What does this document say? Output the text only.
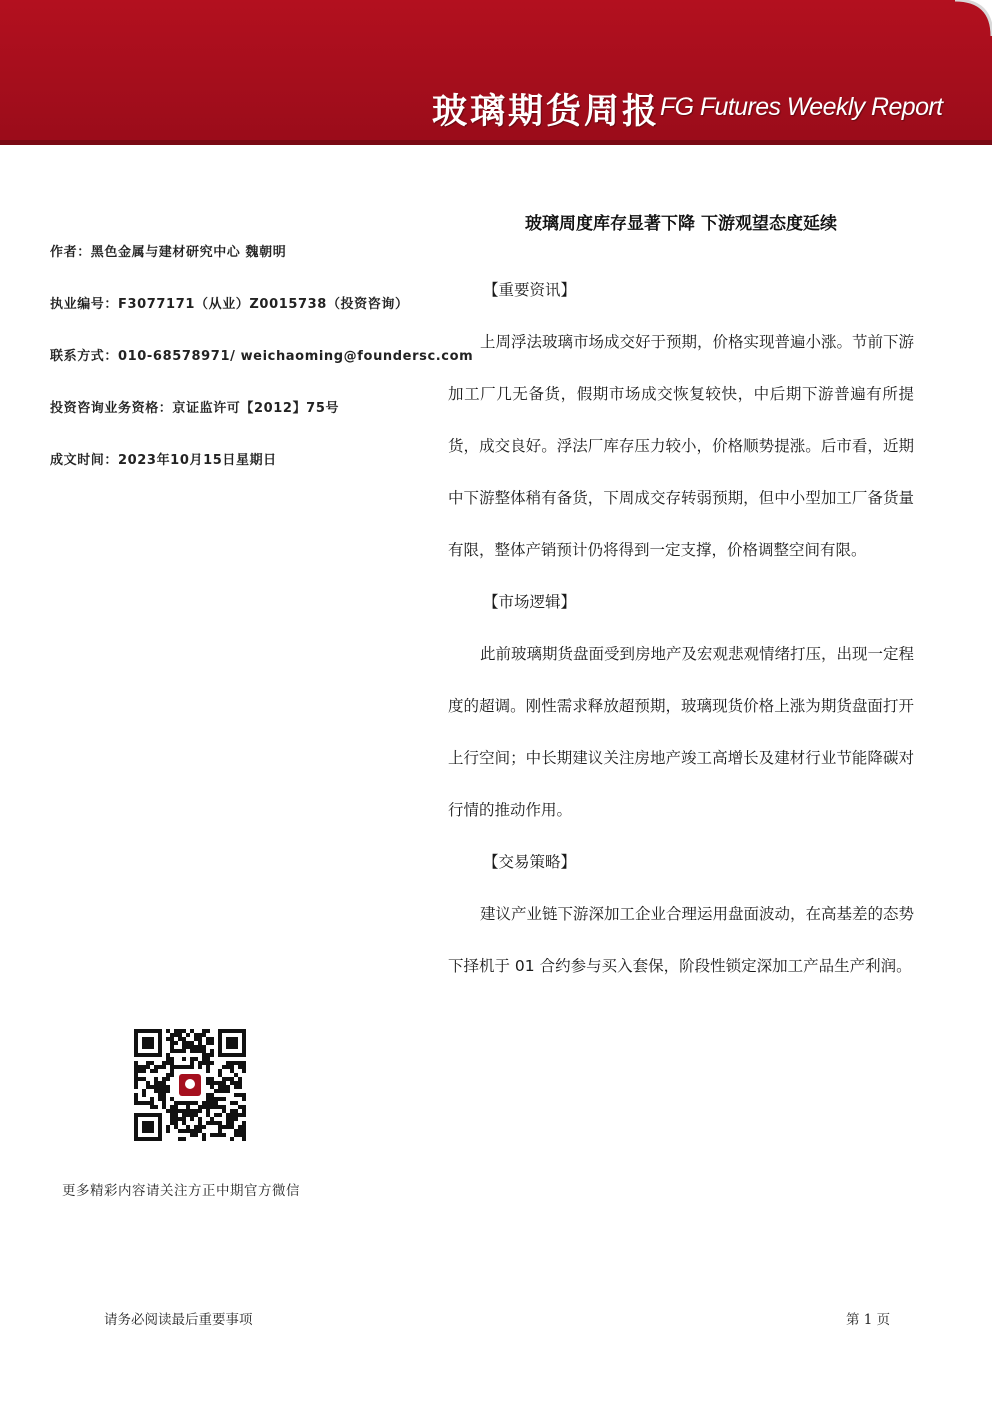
玻璃期货周报 FG Futures Weekly Report
作者：黑色金属与建材研究中心 魏朝明
执业编号：F3077171（从业）Z0015738（投资咨询）
联系方式：010-68578971/ weichaoming@foundersc.com
投资咨询业务资格：京证监许可【2012】75号
成文时间：2023年10月15日星期日
更多精彩内容请关注方正中期官方微信
玻璃周度库存显著下降 下游观望态度延续
【重要资讯】

上周浮法玻璃市场成交好于预期，价格实现普遍小涨。节前下游加工厂几无备货，假期市场成交恢复较快，中后期下游普遍有所提货，成交良好。浮法厂库存压力较小，价格顺势提涨。后市看，近期中下游整体稍有备货，下周成交存转弱预期，但中小型加工厂备货量有限，整体产销预计仍将得到一定支撑，价格调整空间有限。

【市场逻辑】

此前玻璃期货盘面受到房地产及宏观悲观情绪打压，出现一定程度的超调。刚性需求释放超预期，玻璃现货价格上涨为期货盘面打开上行空间；中长期建议关注房地产竣工高增长及建材行业节能降碳对行情的推动作用。

【交易策略】

建议产业链下游深加工企业合理运用盘面波动，在高基差的态势下择机于 01 合约参与买入套保，阶段性锁定深加工产品生产利润。

请务必阅读最后重要事项	第 1 页
